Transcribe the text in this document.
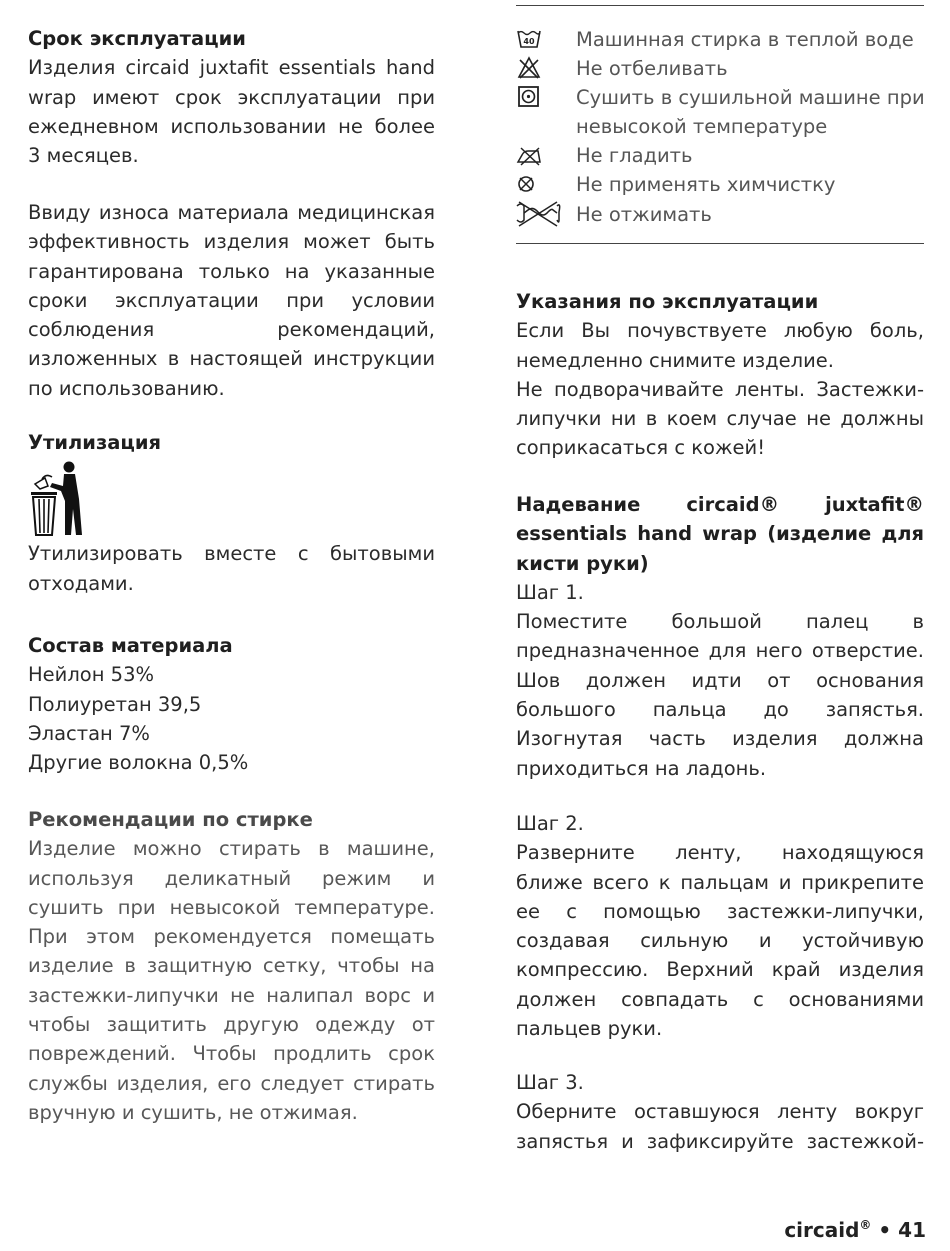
Срок эксплуатации

Изделия circaid juxtafit essentials hand wrap имеют срок эксплуатации при ежедневном использовании не более 3 месяцев.

Ввиду износа материала медицинская эффективность изделия может быть гарантирована только на указанные сроки эксплуатации при условии соблюдения рекомендаций, изложенных в настоящей инструкции по использованию.

Утилизация

Утилизировать вместе с бытовыми отходами.

Состав материала

Нейлон 53%

Полиуретан 39,5

Эластан 7%

Другие волокна 0,5%

Рекомендации по стирке

Изделие можно стирать в машине, используя деликатный режим и сушить при невысокой температуре. При этом рекомендуется помещать изделие в защитную сетку, чтобы на застежки-липучки не налипал ворс и чтобы защитить другую одежду от повреждений. Чтобы продлить срок службы изделия, его следует стирать вручную и сушить, не отжимая.

40 Машинная стирка в теплой воде
Не отбеливать
Сушить в сушильной машине при
невысокой температуре
Не гладить
Не применять химчистку
Не отжимать

Указания по эксплуатации

Если Вы почувствуете любую боль, немедленно снимите изделие.

Не подворачивайте ленты. Застежки-липучки ни в коем случае не должны соприкасаться с кожей!

Надевание circaid® juxtafit® essentials hand wrap (изделие для кисти руки)

Шаг 1.

Поместите большой палец в предназначенное для него отверстие. Шов должен идти от основания большого пальца до запястья. Изогнутая часть изделия должна приходиться на ладонь.

Шаг 2.

Разверните ленту, находящуюся ближе всего к пальцам и прикрепите ее с помощью застежки-липучки, создавая сильную и устойчивую компрессию. Верхний край изделия должен совпадать с основаниями пальцев руки.

Шаг 3.

Оберните оставшуюся ленту вокруг запястья и зафиксируйте застежкой-

circaid® • 41
